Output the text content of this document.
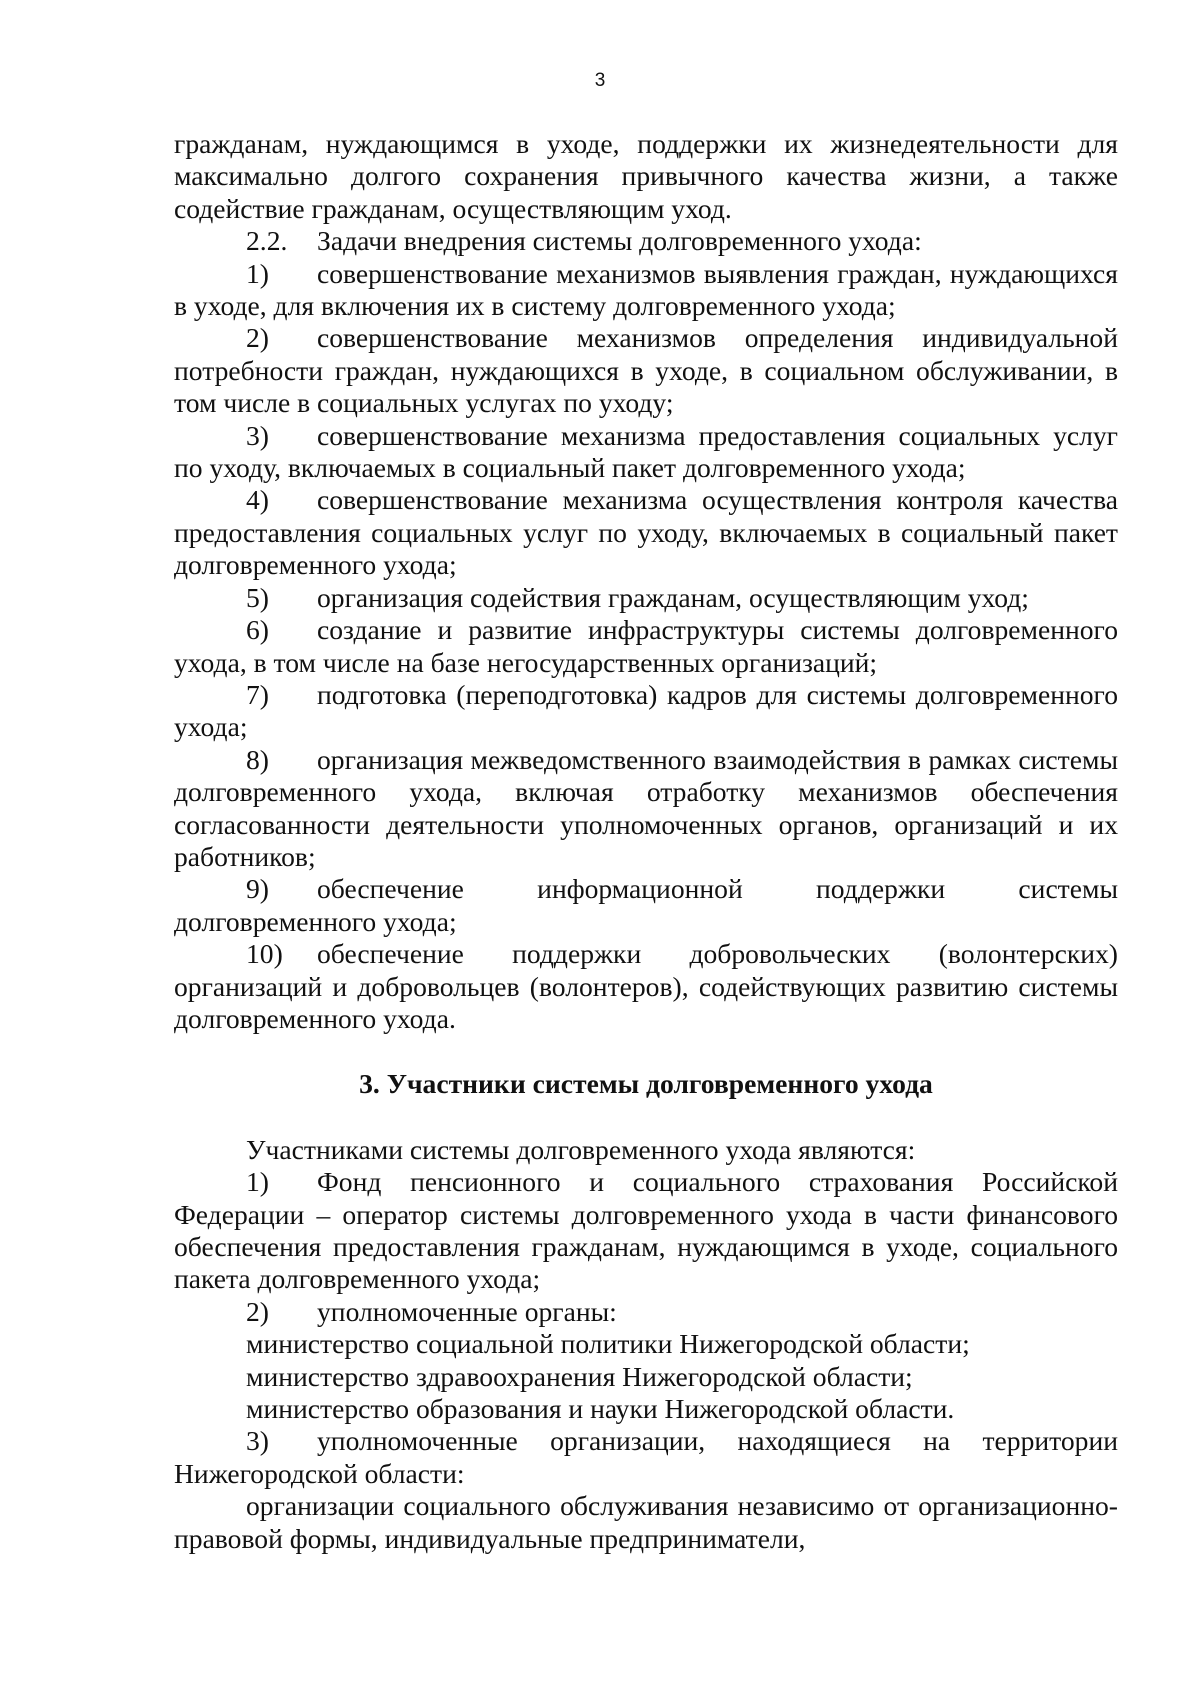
3

гражданам, нуждающимся в уходе, поддержки их жизнедеятельности для максимально долгого сохранения привычного качества жизни, а также содействие гражданам, осуществляющим уход.

2.2. Задачи внедрения системы долговременного ухода:

1) совершенствование механизмов выявления граждан, нуждающихся в уходе, для включения их в систему долговременного ухода;

2) совершенствование механизмов определения индивидуальной потребности граждан, нуждающихся в уходе, в социальном обслуживании, в том числе в социальных услугах по уходу;

3) совершенствование механизма предоставления социальных услуг по уходу, включаемых в социальный пакет долговременного ухода;

4) совершенствование механизма осуществления контроля качества предоставления социальных услуг по уходу, включаемых в социальный пакет долговременного ухода;

5) организация содействия гражданам, осуществляющим уход;

6) создание и развитие инфраструктуры системы долговременного ухода, в том числе на базе негосударственных организаций;

7) подготовка (переподготовка) кадров для системы долговременного ухода;

8) организация межведомственного взаимодействия в рамках системы долговременного ухода, включая отработку механизмов обеспечения согласованности деятельности уполномоченных органов, организаций и их работников;

9) обеспечение информационной поддержки системы долговременного ухода;

10) обеспечение поддержки добровольческих (волонтерских) организаций и добровольцев (волонтеров), содействующих развитию системы долговременного ухода.

3. Участники системы долговременного ухода

Участниками системы долговременного ухода являются:

1) Фонд пенсионного и социального страхования Российской Федерации – оператор системы долговременного ухода в части финансового обеспечения предоставления гражданам, нуждающимся в уходе, социального пакета долговременного ухода;

2) уполномоченные органы:

министерство социальной политики Нижегородской области;

министерство здравоохранения Нижегородской области;

министерство образования и науки Нижегородской области.

3) уполномоченные организации, находящиеся на территории Нижегородской области:

организации социального обслуживания независимо от организационно-правовой формы, индивидуальные предприниматели,
